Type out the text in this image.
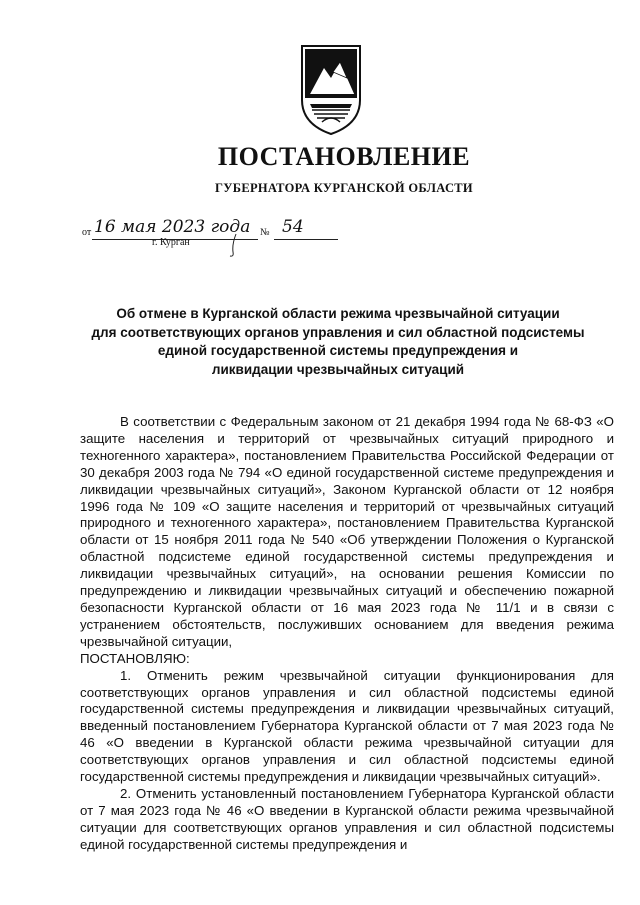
ПОСТАНОВЛЕНИЕ
ГУБЕРНАТОРА КУРГАНСКОЙ ОБЛАСТИ
от 16 мая 2023 года № 54
г. Курган
Об отмене в Курганской области режима чрезвычайной ситуации
для соответствующих органов управления и сил областной подсистемы
единой государственной системы предупреждения и
ликвидации чрезвычайных ситуаций

В соответствии с Федеральным законом от 21 декабря 1994 года № 68-ФЗ «О защите населения и территорий от чрезвычайных ситуаций природного и техногенного характера», постановлением Правительства Российской Федерации от 30 декабря 2003 года № 794 «О единой государственной системе предупреждения и ликвидации чрезвычайных ситуаций», Законом Курганской области от 12 ноября 1996 года № 109 «О защите населения и территорий от чрезвычайных ситуаций природного и техногенного характера», постановлением Правительства Курганской области от 15 ноября 2011 года № 540 «Об утверждении Положения о Курганской областной подсистеме единой государственной системы предупреждения и ликвидации чрезвычайных ситуаций», на основании решения Комиссии по предупреждению и ликвидации чрезвычайных ситуаций и обеспечению пожарной безопасности Курганской области от 16 мая 2023 года № 11/1 и в связи с устранением обстоятельств, послуживших основанием для введения режима чрезвычайной ситуации,

ПОСТАНОВЛЯЮ:

1. Отменить режим чрезвычайной ситуации функционирования для соответствующих органов управления и сил областной подсистемы единой государственной системы предупреждения и ликвидации чрезвычайных ситуаций, введенный постановлением Губернатора Курганской области от 7 мая 2023 года № 46 «О введении в Курганской области режима чрезвычайной ситуации для соответствующих органов управления и сил областной подсистемы единой государственной системы предупреждения и ликвидации чрезвычайных ситуаций».

2. Отменить установленный постановлением Губернатора Курганской области от 7 мая 2023 года № 46 «О введении в Курганской области режима чрезвычайной ситуации для соответствующих органов управления и сил областной подсистемы единой государственной системы предупреждения и
